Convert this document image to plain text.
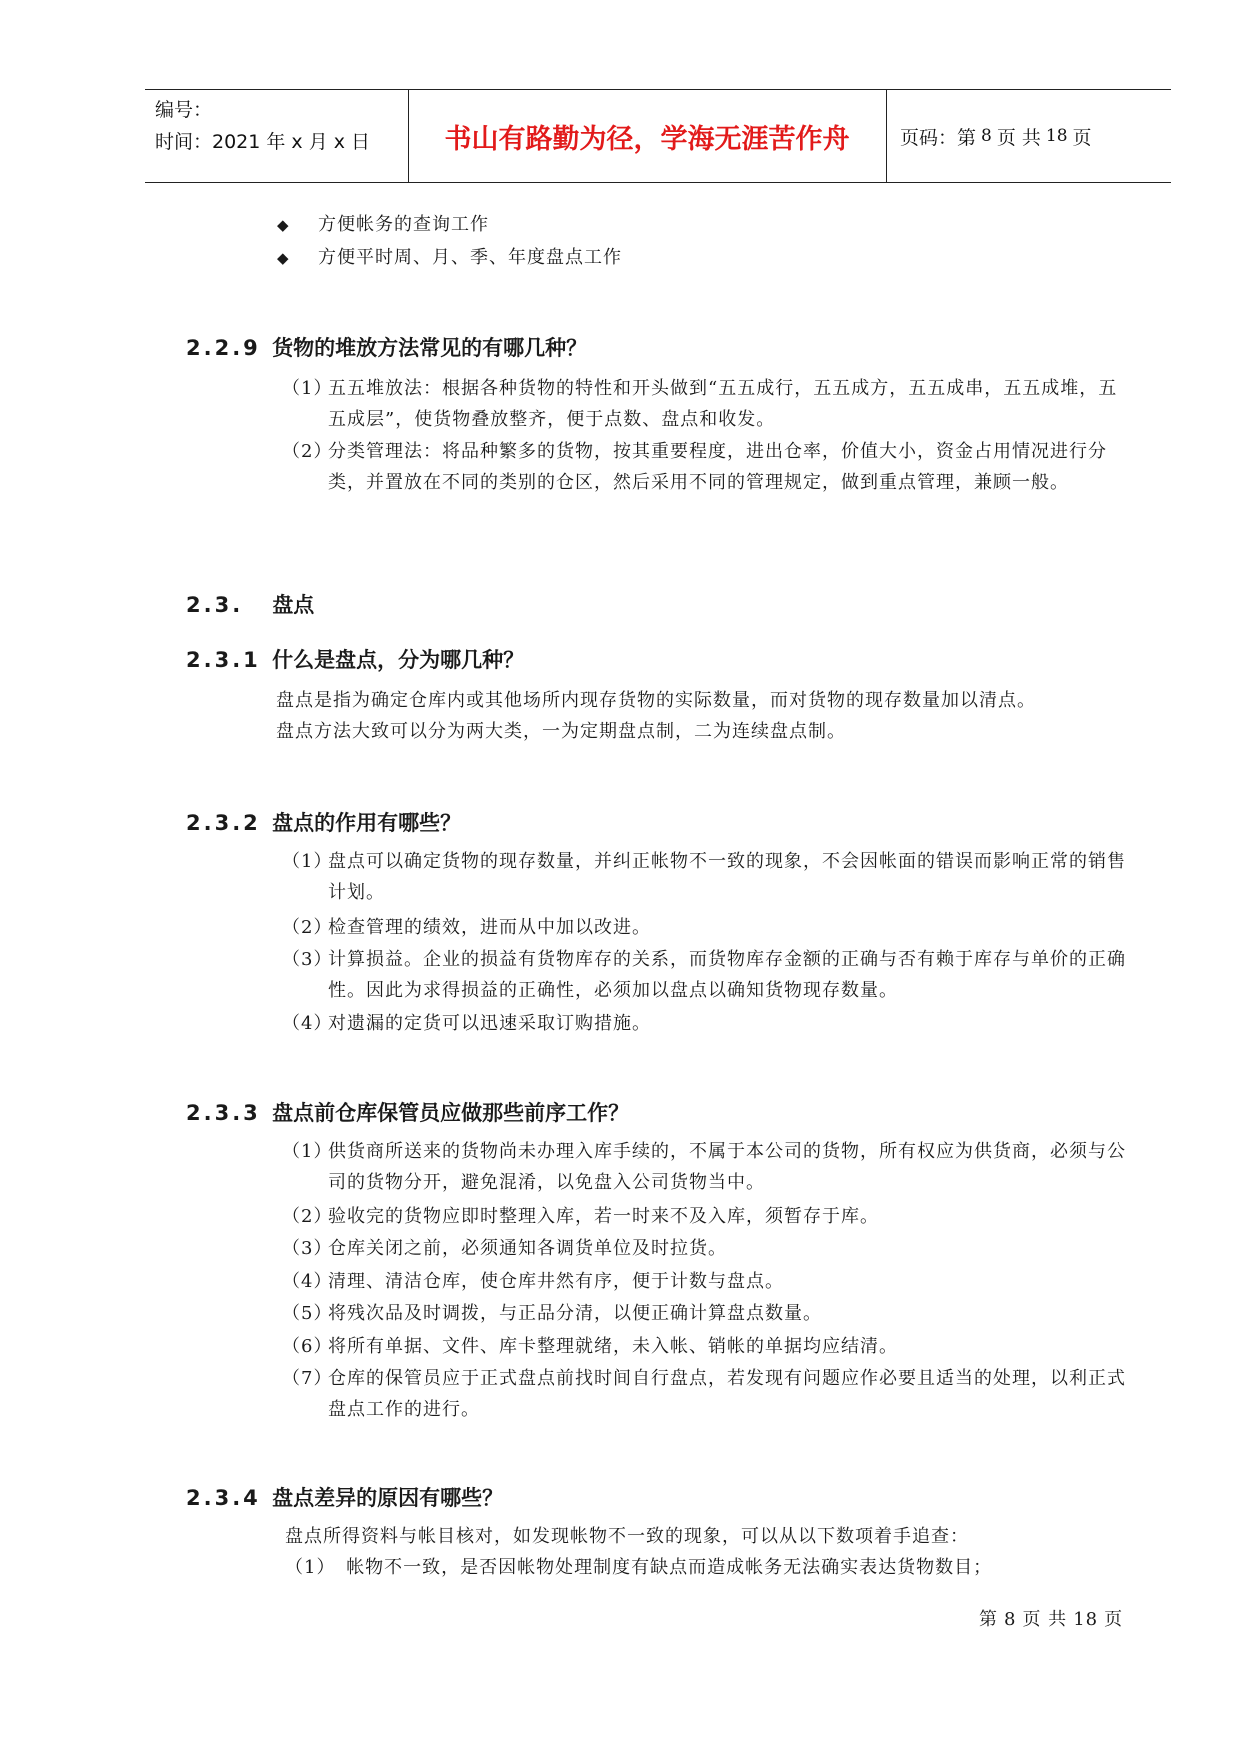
编号：
时间：2021 年 x 月 x 日	书山有路勤为径，学海无涯苦作舟	页码：第 8 页 共 18 页
◆ 方便帐务的查询工作
◆ 方便平时周、月、季、年度盘点工作
2.2.9 货物的堆放方法常见的有哪几种？
（1）
五五堆放法：根据各种货物的特性和开头做到“五五成行，五五成方，五五成串，五五成堆，五五成层”，使货物叠放整齐，便于点数、盘点和收发。
（2）
分类管理法：将品种繁多的货物，按其重要程度，进出仓率，价值大小，资金占用情况进行分类，并置放在不同的类别的仓区，然后采用不同的管理规定，做到重点管理，兼顾一般。
2.3. 盘点
2.3.1 什么是盘点，分为哪几种？
盘点是指为确定仓库内或其他场所内现存货物的实际数量，而对货物的现存数量加以清点。
盘点方法大致可以分为两大类，一为定期盘点制，二为连续盘点制。
2.3.2 盘点的作用有哪些？
（1）
盘点可以确定货物的现存数量，并纠正帐物不一致的现象，不会因帐面的错误而影响正常的销售计划。
（2）
检查管理的绩效，进而从中加以改进。
（3）
计算损益。企业的损益有货物库存的关系，而货物库存金额的正确与否有赖于库存与单价的正确性。因此为求得损益的正确性，必须加以盘点以确知货物现存数量。
（4）
对遗漏的定货可以迅速采取订购措施。
2.3.3 盘点前仓库保管员应做那些前序工作？
（1）
供货商所送来的货物尚未办理入库手续的，不属于本公司的货物，所有权应为供货商，必须与公司的货物分开，避免混淆，以免盘入公司货物当中。
（2）
验收完的货物应即时整理入库，若一时来不及入库，须暂存于库。
（3）
仓库关闭之前，必须通知各调货单位及时拉货。
（4）
清理、清洁仓库，使仓库井然有序，便于计数与盘点。
（5）
将残次品及时调拨，与正品分清，以便正确计算盘点数量。
（6）
将所有单据、文件、库卡整理就绪，未入帐、销帐的单据均应结清。
（7）
仓库的保管员应于正式盘点前找时间自行盘点，若发现有问题应作必要且适当的处理，以利正式盘点工作的进行。
2.3.4 盘点差异的原因有哪些？
盘点所得资料与帐目核对，如发现帐物不一致的现象，可以从以下数项着手追查：
（1） 帐物不一致，是否因帐物处理制度有缺点而造成帐务无法确实表达货物数目；
第 8 页 共 18 页
